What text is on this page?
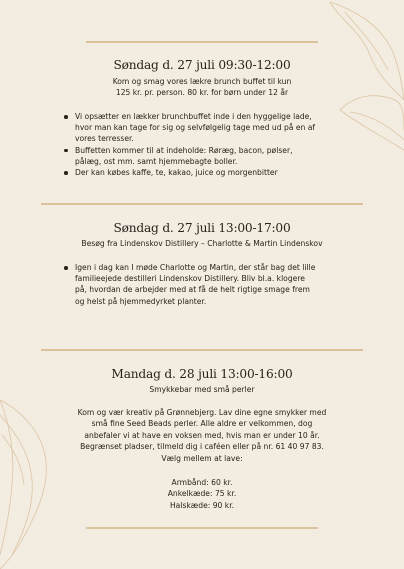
Søndag d. 27 juli 09:30-12:00
Kom og smag vores lækre brunch buffet til kun
125 kr. pr. person. 80 kr. for børn under 12 år
Vi opsætter en lækker brunchbuffet inde i den hyggelige lade,
hvor man kan tage for sig og selvfølgelig tage med ud på en af
vores terresser.
Buffetten kommer til at indeholde: Røræg, bacon, pølser,
pålæg, ost mm. samt hjemmebagte boller.
Der kan købes kaffe, te, kakao, juice og morgenbitter
Søndag d. 27 juli 13:00-17:00
Besøg fra Lindenskov Distillery – Charlotte & Martin Lindenskov
Igen i dag kan I møde Charlotte og Martin, der står bag det lille
familieejede destilleri Lindenskov Distillery. Bliv bl.a. klogere
på, hvordan de arbejder med at få de helt rigtige smage frem
og helst på hjemmedyrket planter.
Mandag d. 28 juli 13:00-16:00
Smykkebar med små perler
Kom og vær kreativ på Grønnebjerg. Lav dine egne smykker med
små fine Seed Beads perler. Alle aldre er velkommen, dog
anbefaler vi at have en voksen med, hvis man er under 10 år.
Begrænset pladser, tilmeld dig i caféen eller på nr. 61 40 97 83.
Vælg mellem at lave:
Armbånd: 60 kr.
Ankelkæde: 75 kr.
Halskæde: 90 kr.
